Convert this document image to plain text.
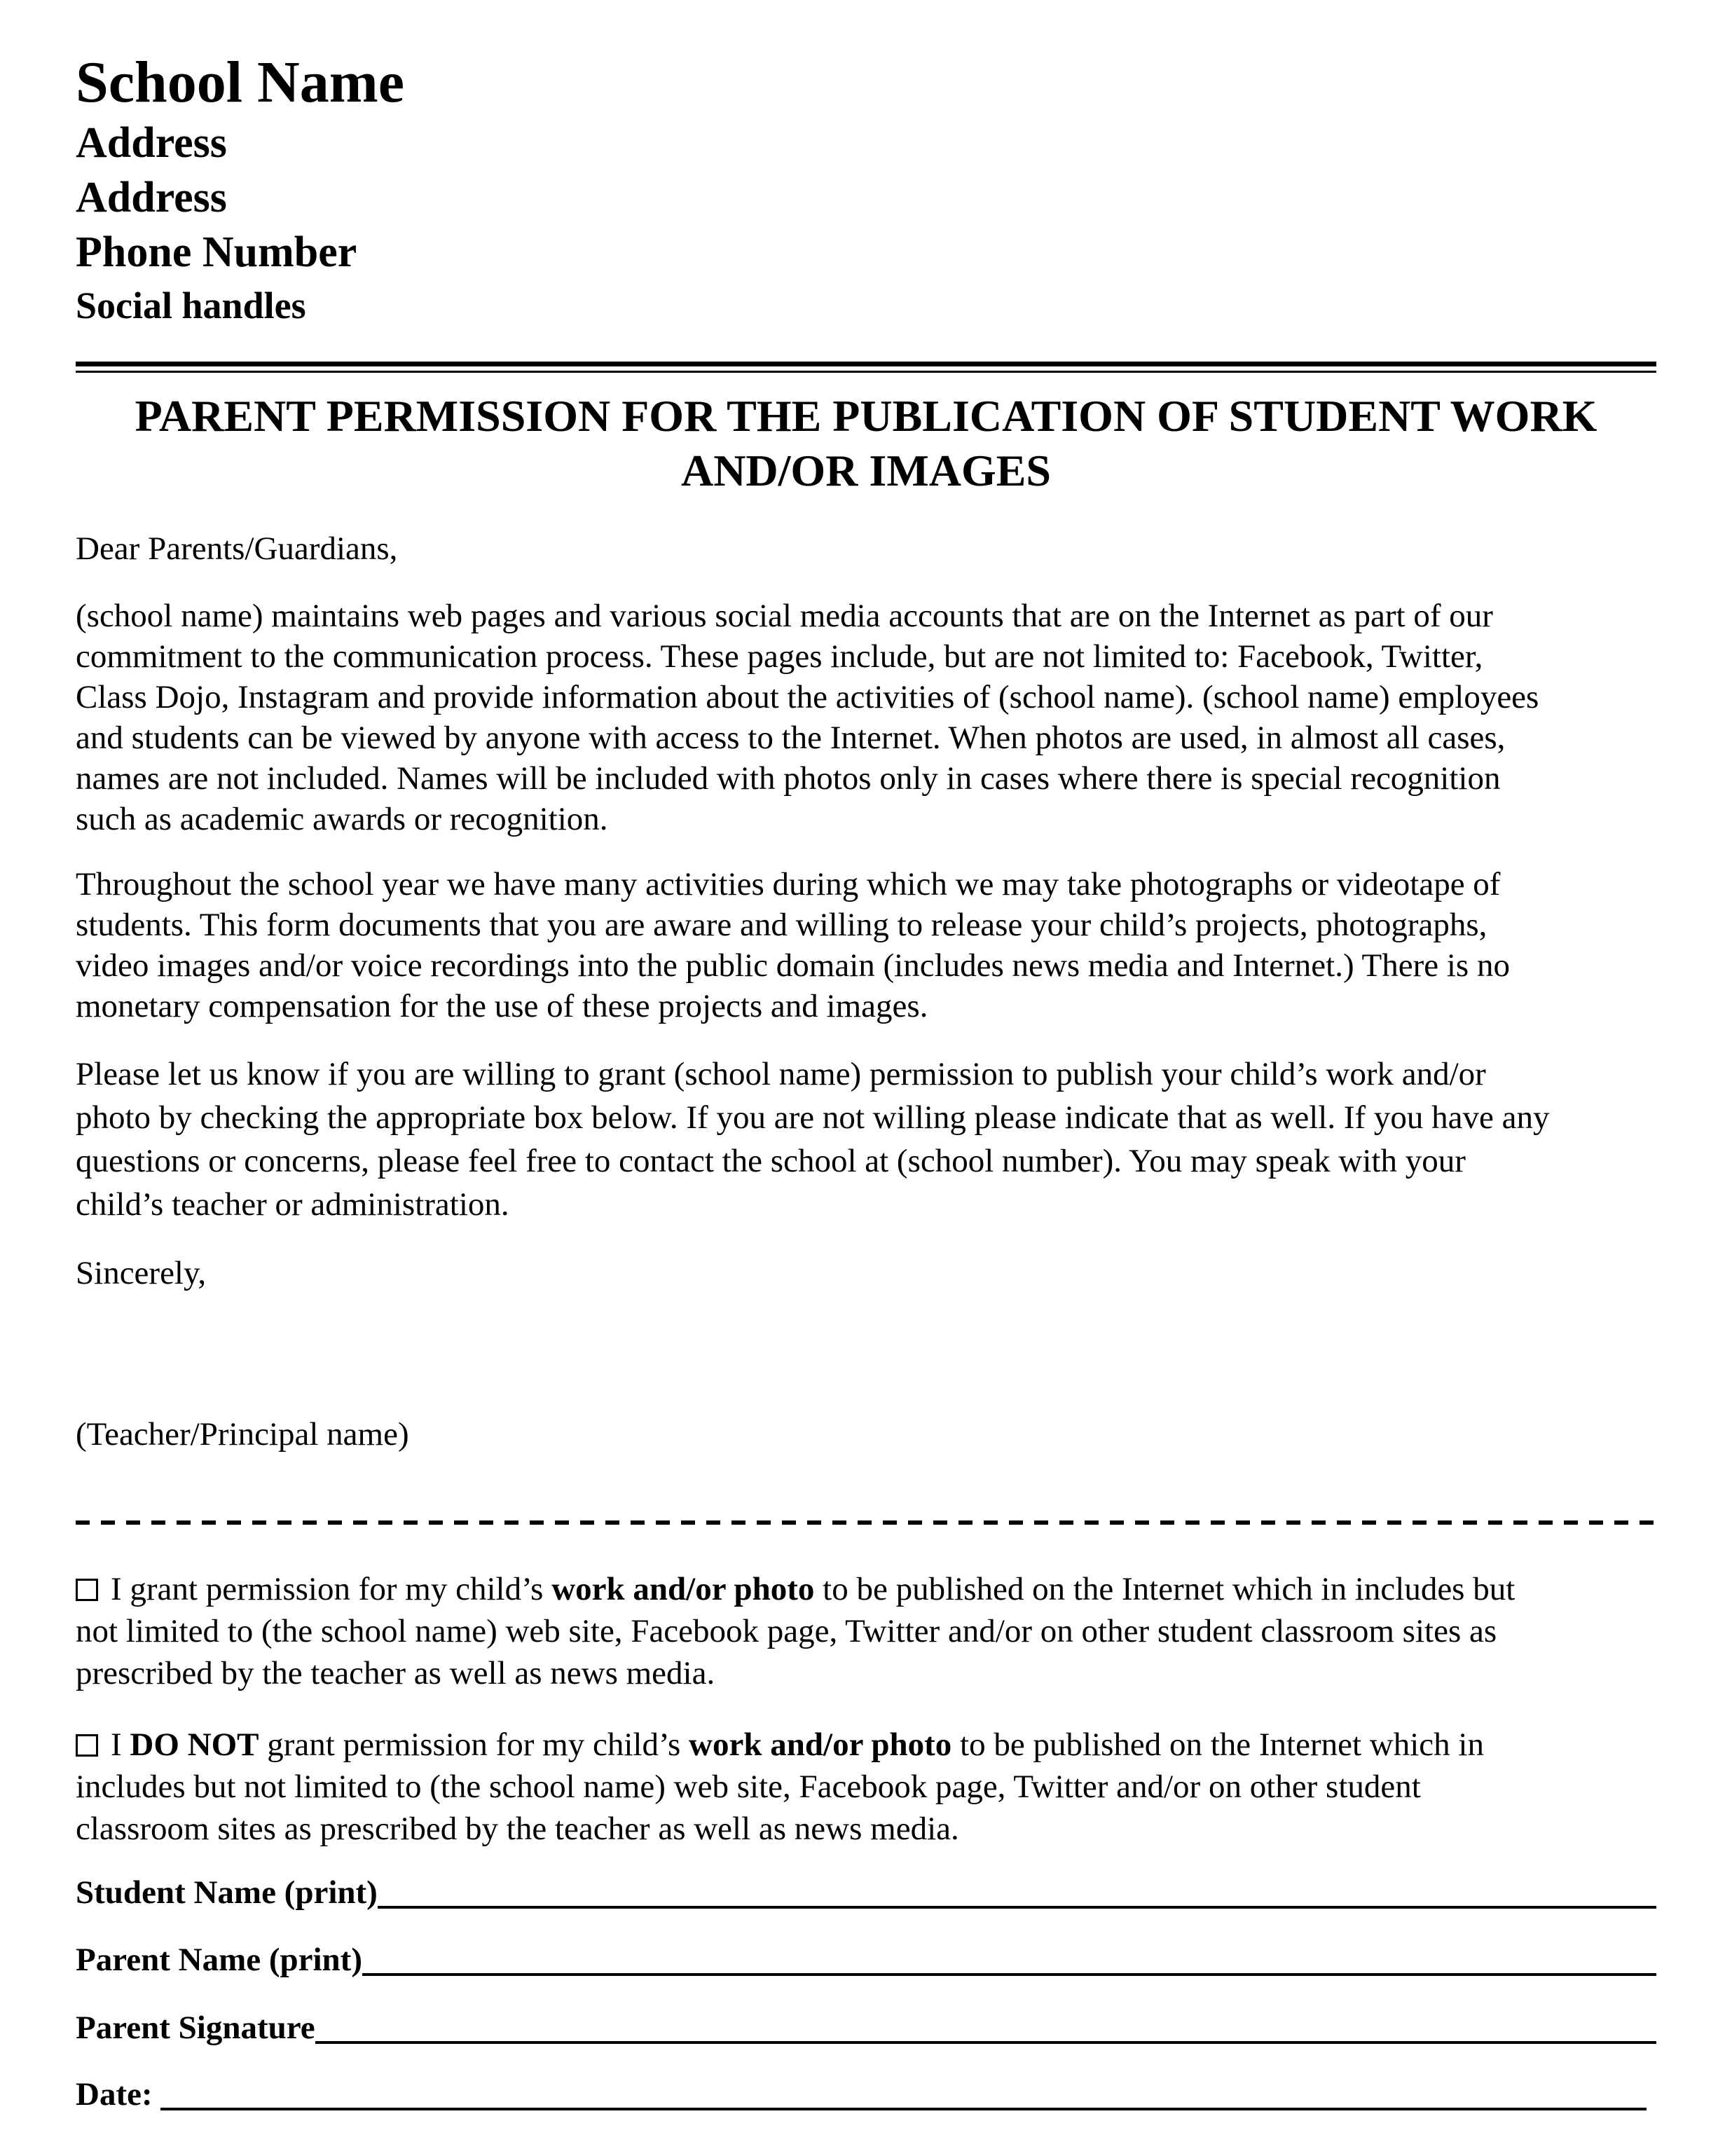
School Name
Address
Address
Phone Number
Social handles
PARENT PERMISSION FOR THE PUBLICATION OF STUDENT WORK
AND/OR IMAGES
Dear Parents/Guardians,
(school name) maintains web pages and various social media accounts that are on the Internet as part of our
commitment to the communication process. These pages include, but are not limited to: Facebook, Twitter,
Class Dojo, Instagram and provide information about the activities of (school name). (school name) employees
and students can be viewed by anyone with access to the Internet. When photos are used, in almost all cases,
names are not included. Names will be included with photos only in cases where there is special recognition
such as academic awards or recognition.
Throughout the school year we have many activities during which we may take photographs or videotape of
students. This form documents that you are aware and willing to release your child’s projects, photographs,
video images and/or voice recordings into the public domain (includes news media and Internet.) There is no
monetary compensation for the use of these projects and images.
Please let us know if you are willing to grant (school name) permission to publish your child’s work and/or
photo by checking the appropriate box below. If you are not willing please indicate that as well. If you have any
questions or concerns, please feel free to contact the school at (school number). You may speak with your
child’s teacher or administration.
Sincerely,
(Teacher/Principal name)
I grant permission for my child’s work and/or photo to be published on the Internet which in includes but
not limited to (the school name) web site, Facebook page, Twitter and/or on other student classroom sites as
prescribed by the teacher as well as news media.
I DO NOT grant permission for my child’s work and/or photo to be published on the Internet which in
includes but not limited to (the school name) web site, Facebook page, Twitter and/or on other student
classroom sites as prescribed by the teacher as well as news media.
Student Name (print)
Parent Name (print)
Parent Signature
Date:
